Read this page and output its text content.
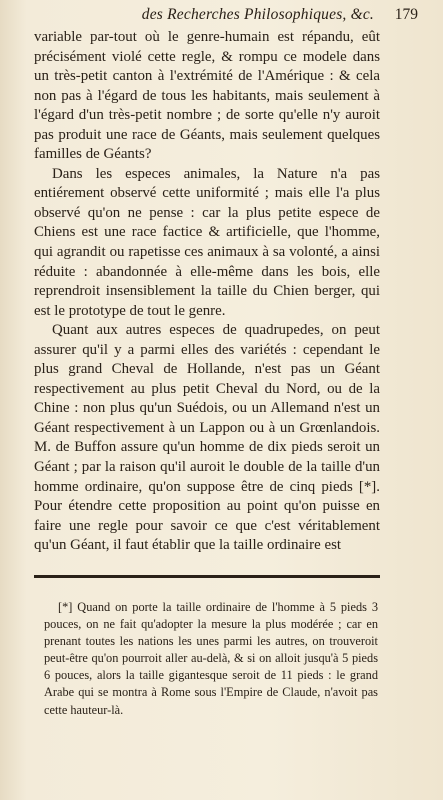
des Recherches Philosophiques, &c. 179

variable par-tout où le genre-humain est répandu, eût précisément violé cette regle, & rompu ce modele dans un très-petit canton à l'extrémité de l'Amérique : & cela non pas à l'égard de tous les habitants, mais seulement à l'égard d'un très-petit nombre ; de sorte qu'elle n'y auroit pas produit une race de Géants, mais seulement quelques familles de Géants?

Dans les especes animales, la Nature n'a pas entiérement observé cette uniformité ; mais elle l'a plus observé qu'on ne pense : car la plus petite espece de Chiens est une race factice & artificielle, que l'homme, qui agrandit ou rapetisse ces animaux à sa volonté, a ainsi réduite : abandonnée à elle-même dans les bois, elle reprendroit insensiblement la taille du Chien berger, qui est le prototype de tout le genre.

Quant aux autres especes de quadrupedes, on peut assurer qu'il y a parmi elles des variétés : cependant le plus grand Cheval de Hollande, n'est pas un Géant respectivement au plus petit Cheval du Nord, ou de la Chine : non plus qu'un Suédois, ou un Allemand n'est un Géant respectivement à un Lappon ou à un Grœnlandois. M. de Buffon assure qu'un homme de dix pieds seroit un Géant ; par la raison qu'il auroit le double de la taille d'un homme ordinaire, qu'on suppose être de cinq pieds [*]. Pour étendre cette proposition au point qu'on puisse en faire une regle pour savoir ce que c'est véritablement qu'un Géant, il faut établir que la taille ordinaire est

[*] Quand on porte la taille ordinaire de l'homme à 5 pieds 3 pouces, on ne fait qu'adopter la mesure la plus modérée ; car en prenant toutes les nations les unes parmi les autres, on trouveroit peut-être qu'on pourroit aller au-delà, & si on alloit jusqu'à 5 pieds 6 pouces, alors la taille gigantesque seroit de 11 pieds : le grand Arabe qui se montra à Rome sous l'Empire de Claude, n'avoit pas cette hauteur-là.
